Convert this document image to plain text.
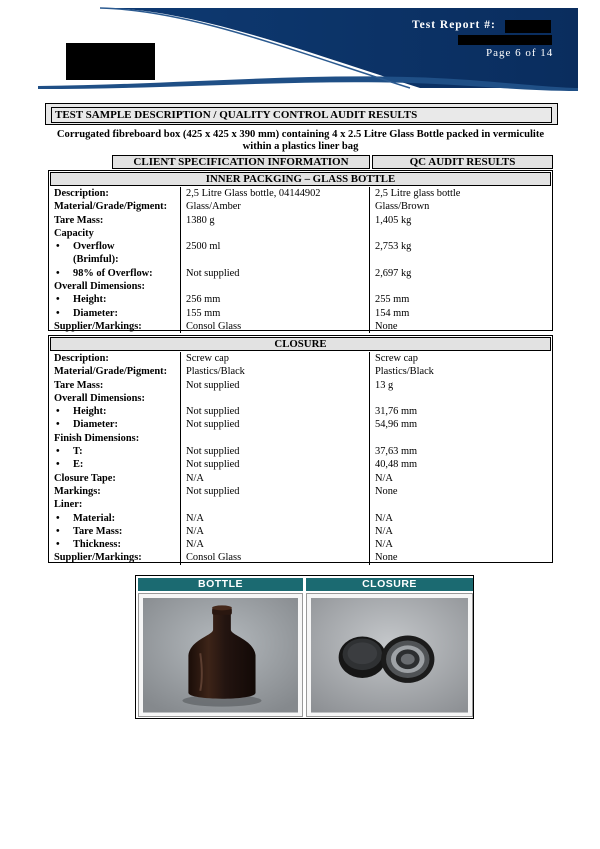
Test Report #:
Page 6 of 14
TEST SAMPLE DESCRIPTION / QUALITY CONTROL AUDIT RESULTS
Corrugated fibreboard box (425 x 425 x 390 mm) containing 4 x 2.5 Litre Glass Bottle packed in vermiculite within a plastics liner bag
CLIENT SPECIFICATION INFORMATION	QC AUDIT RESULTS
INNER PACKGING – GLASS BOTTLE
Description:	2,5 Litre Glass bottle, 04144902	2,5 Litre glass bottle
Material/Grade/Pigment:	Glass/Amber	Glass/Brown
Tare Mass:	1380 g	1,405 kg
Capacity		
• Overflow	2500 ml	2,753 kg
(Brimful):		
• 98% of Overflow:	Not supplied	2,697 kg
Overall Dimensions:		
• Height:	256 mm	255 mm
• Diameter:	155 mm	154 mm
Supplier/Markings:	Consol Glass	None
CLOSURE
Description:	Screw cap	Screw cap
Material/Grade/Pigment:	Plastics/Black	Plastics/Black
Tare Mass:	Not supplied	13 g
Overall Dimensions:		
• Height:	Not supplied	31,76 mm
• Diameter:	Not supplied	54,96 mm
Finish Dimensions:		
• T:	Not supplied	37,63 mm
• E:	Not supplied	40,48 mm
Closure Tape:	N/A	N/A
Markings:	Not supplied	None
Liner:		
• Material:	N/A	N/A
• Tare Mass:	N/A	N/A
• Thickness:	N/A	N/A
Supplier/Markings:	Consol Glass	None
BOTTLE	CLOSURE
